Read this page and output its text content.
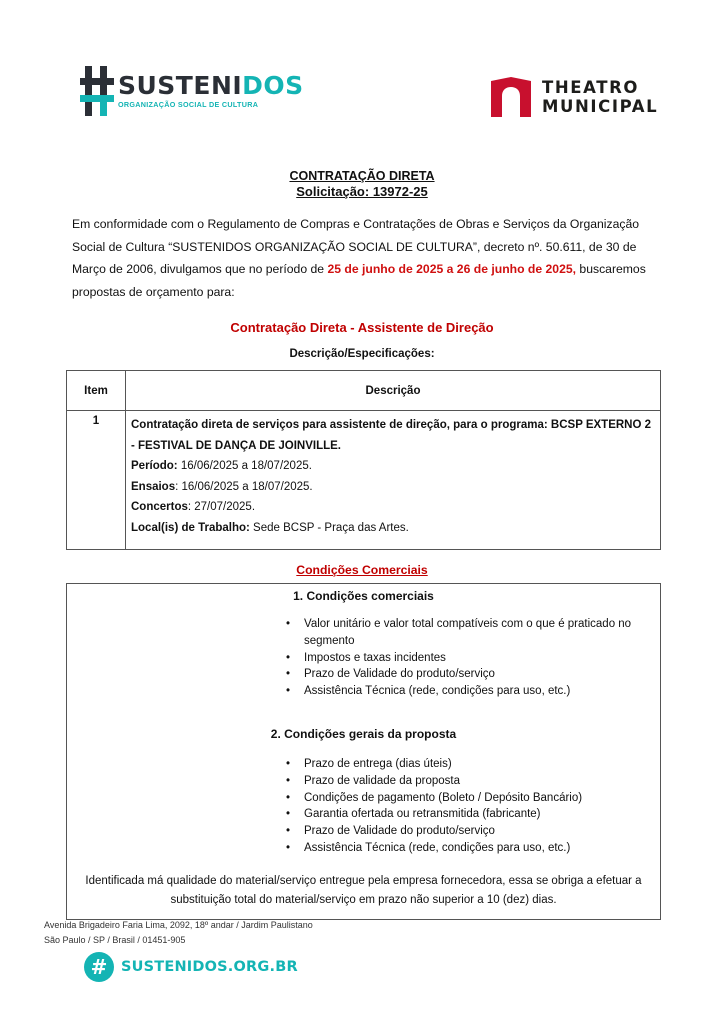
SUSTENIDOS
ORGANIZAÇÃO SOCIAL DE CULTURA
THEATRO
MUNICIPAL
CONTRATAÇÃO DIRETA
Solicitação: 13972-25
Em conformidade com o Regulamento de Compras e Contratações de Obras e Serviços da Organização Social de Cultura “SUSTENIDOS ORGANIZAÇÃO SOCIAL DE CULTURA”, decreto nº. 50.611, de 30 de Março de 2006, divulgamos que no período de 25 de junho de 2025 a 26 de junho de 2025, buscaremos propostas de orçamento para:
Contratação Direta - Assistente de Direção
Descrição/Especificações:
Item	Descrição
1	Contratação direta de serviços para assistente de direção, para o programa: BCSP EXTERNO 2 - FESTIVAL DE DANÇA DE JOINVILLE.
Período: 16/06/2025 a 18/07/2025.
Ensaios: 16/06/2025 a 18/07/2025.
Concertos: 27/07/2025.
Local(is) de Trabalho: Sede BCSP - Praça das Artes.
Condições Comerciais
1. Condições comerciais
• Valor unitário e valor total compatíveis com o que é praticado no segmento
• Impostos e taxas incidentes
• Prazo de Validade do produto/serviço
• Assistência Técnica (rede, condições para uso, etc.)
2. Condições gerais da proposta
• Prazo de entrega (dias úteis)
• Prazo de validade da proposta
• Condições de pagamento (Boleto / Depósito Bancário)
• Garantia ofertada ou retransmitida (fabricante)
• Prazo de Validade do produto/serviço
• Assistência Técnica (rede, condições para uso, etc.)
Identificada má qualidade do material/serviço entregue pela empresa fornecedora, essa se obriga a efetuar a substituição total do material/serviço em prazo não superior a 10 (dez) dias.
Avenida Brigadeiro Faria Lima, 2092, 18º andar / Jardim Paulistano
São Paulo / SP / Brasil / 01451-905
# SUSTENIDOS.ORG.BR
